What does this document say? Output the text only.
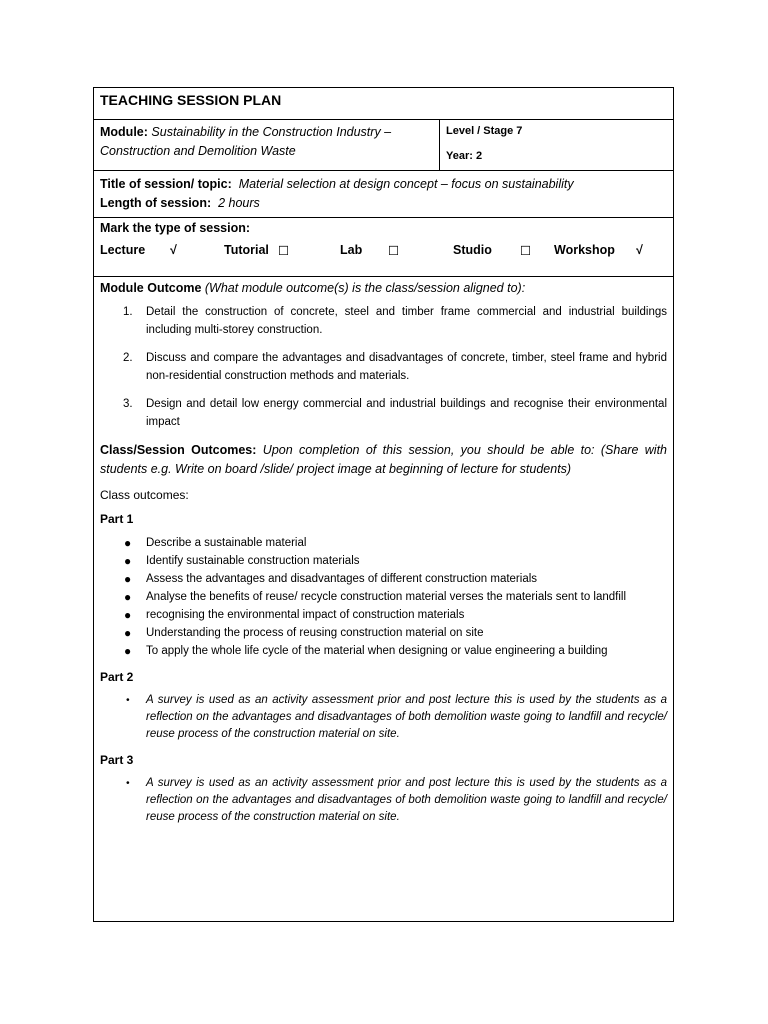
TEACHING SESSION PLAN
Module: Sustainability in the Construction Industry – Construction and Demolition Waste
Level / Stage 7
Year: 2
Title of session/ topic: Material selection at design concept – focus on sustainability
Length of session: 2 hours
Mark the type of session:
Lecture √	Tutorial ☐	Lab ☐	Studio ☐ Workshop √

Module Outcome (What module outcome(s) is the class/session aligned to):

1. Detail the construction of concrete, steel and timber frame commercial and industrial buildings including multi-storey construction.
2. Discuss and compare the advantages and disadvantages of concrete, timber, steel frame and hybrid non-residential construction methods and materials.
3. Design and detail low energy commercial and industrial buildings and recognise their environmental impact

Class/Session Outcomes: Upon completion of this session, you should be able to: (Share with students e.g. Write on board /slide/ project image at beginning of lecture for students)

Class outcomes:

Part 1

● Describe a sustainable material
● Identify sustainable construction materials
● Assess the advantages and disadvantages of different construction materials
● Analyse the benefits of reuse/ recycle construction material verses the materials sent to landfill
● recognising the environmental impact of construction materials
● Understanding the process of reusing construction material on site
● To apply the whole life cycle of the material when designing or value engineering a building

Part 2

• A survey is used as an activity assessment prior and post lecture this is used by the students as a reflection on the advantages and disadvantages of both demolition waste going to landfill and recycle/ reuse process of the construction material on site.

Part 3

• A survey is used as an activity assessment prior and post lecture this is used by the students as a reflection on the advantages and disadvantages of both demolition waste going to landfill and recycle/ reuse process of the construction material on site.
